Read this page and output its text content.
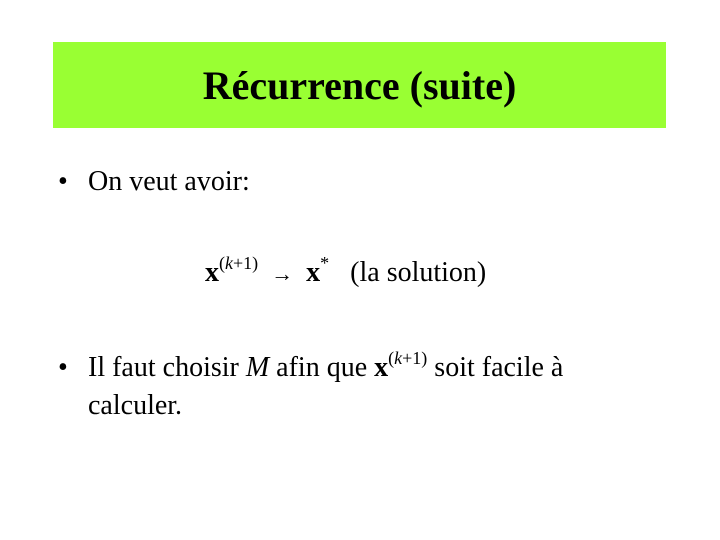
Récurrence (suite)
• On veut avoir:
$x^{(k+1)} \to x^*$ (la solution)
• Il faut choisir M afin que $x^{(k+1)}$ soit facile à
calculer.
